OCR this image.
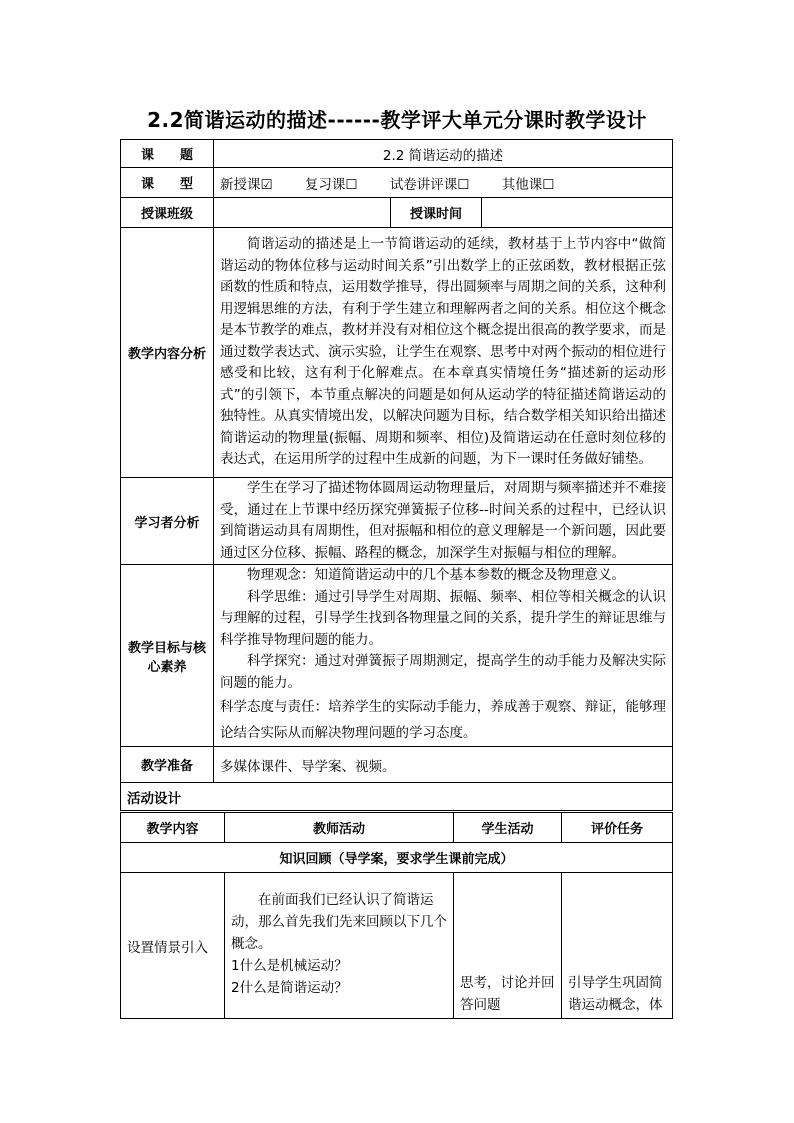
2.2简谐运动的描述------教学评大单元分课时教学设计
课　　题	2.2 简谐运动的描述		
课　　型	新授课☑ 复习课☐ 试卷讲评课☐ 其他课☐		
授课班级		授课时间	
教学内容分析	简谐运动的描述是上一节简谐运动的延续，教材基于上节内容中“做简谐运动的物体位移与运动时间关系”引出数学上的正弦函数，教材根据正弦函数的性质和特点，运用数学推导，得出圆频率与周期之间的关系，这种利用逻辑思维的方法，有利于学生建立和理解两者之间的关系。相位这个概念是本节教学的难点，教材并没有对相位这个概念提出很高的教学要求，而是通过数学表达式、演示实验，让学生在观察、思考中对两个振动的相位进行感受和比较，这有利于化解难点。在本章真实情境任务“描述新的运动形式”的引领下，本节重点解决的问题是如何从运动学的特征描述简谐运动的独特性。从真实情境出发，以解决问题为目标，结合数学相关知识给出描述简谐运动的物理量(振幅、周期和频率、相位)及简谐运动在任意时刻位移的表达式，在运用所学的过程中生成新的问题，为下一课时任务做好铺垫。		

学习者分析	学生在学习了描述物体圆周运动物理量后，对周期与频率描述并不难接受，通过在上节课中经历探究弹簧振子位移--时间关系的过程中，已经认识到简谐运动具有周期性，但对振幅和相位的意义理解是一个新问题，因此要通过区分位移、振幅、路程的概念，加深学生对振幅与相位的理解。		

教学目标与核心素养	物理观念：知道简谐运动中的几个基本参数的概念及物理意义。

科学思维：通过引导学生对周期、振幅、频率、相位等相关概念的认识与理解的过程，引导学生找到各物理量之间的关系，提升学生的辩证思维与科学推导物理问题的能力。

科学探究：通过对弹簧振子周期测定，提高学生的动手能力及解决实际问题的能力。

科学态度与责任：培养学生的实际动手能力，养成善于观察、辩证，能够理论结合实际从而解决物理问题的学习态度。		

教学准备	多媒体课件、导学案、视频。		
活动设计			
教学内容	教师活动	学生活动	评价任务
知识回顾（导学案，要求学生课前完成）			
设置情景引入	在前面我们已经认识了简谐运动，那么首先我们先来回顾以下几个概念。
1什么是机械运动？
2什么是简谐运动？	思考，讨论并回答问题	引导学生巩固简谐运动概念，体
